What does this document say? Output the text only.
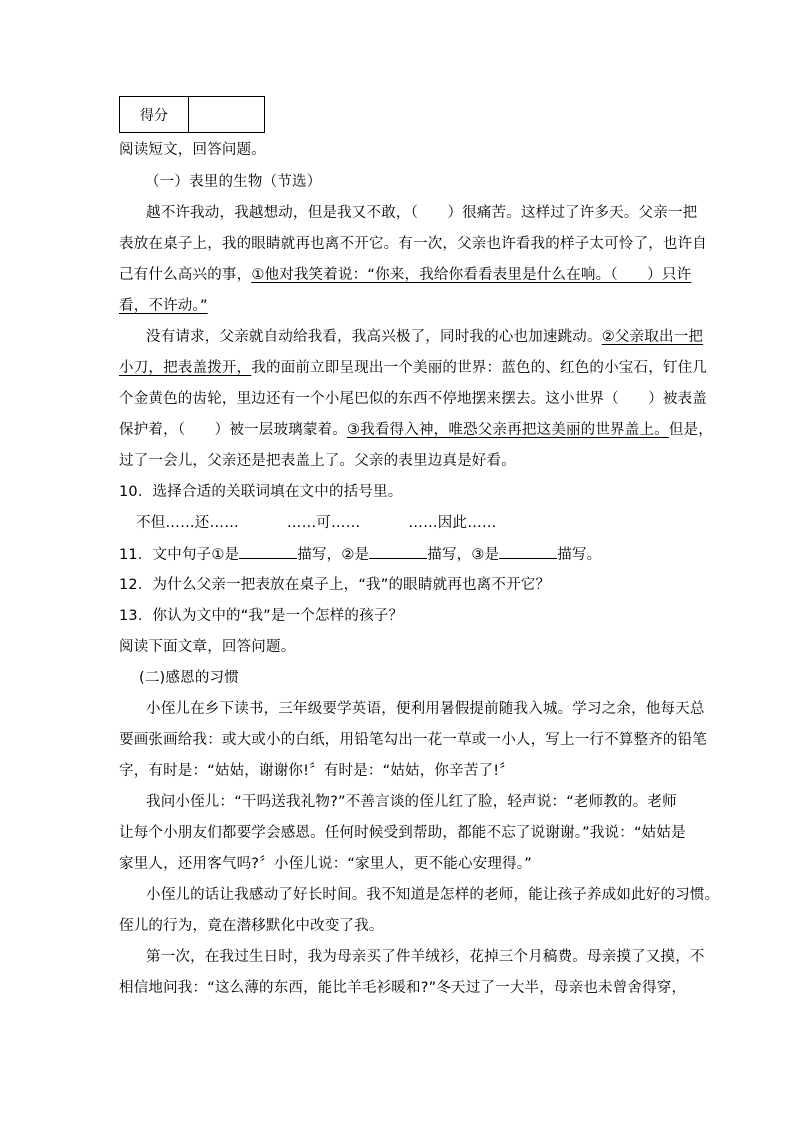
得分	
阅读短文，回答问题。
（一）表里的生物（节选）
越不许我动，我越想动，但是我又不敢，（　　）很痛苦。这样过了许多天。父亲一把
表放在桌子上，我的眼睛就再也离不开它。有一次，父亲也许看我的样子太可怜了，也许自
己有什么高兴的事，①他对我笑着说：“你来，我给你看看表里是什么在响。（　　）只许
看，不许动。”
没有请求，父亲就自动给我看，我高兴极了，同时我的心也加速跳动。②父亲取出一把
小刀，把表盖拨开，我的面前立即呈现出一个美丽的世界：蓝色的、红色的小宝石，钉住几
个金黄色的齿轮，里边还有一个小尾巴似的东西不停地摆来摆去。这小世界（　　）被表盖
保护着，（　　）被一层玻璃蒙着。③我看得入神，唯恐父亲再把这美丽的世界盖上。但是，
过了一会儿，父亲还是把表盖上了。父亲的表里边真是好看。
10．选择合适的关联词填在文中的括号里。
不但……还……	……可……	……因此……
11．文中句子①是	描写，②是	描写，③是	描写。
12．为什么父亲一把表放在桌子上，“我”的眼睛就再也离不开它？
13．你认为文中的“我”是一个怎样的孩子？
阅读下面文章，回答问题。
(二)感恩的习惯
小侄儿在乡下读书，三年级要学英语，便利用暑假提前随我入城。学习之余，他每天总
要画张画给我：或大或小的白纸，用铅笔勾出一花一草或一小人，写上一行不算整齐的铅笔
字，有时是：“姑姑，谢谢你!〞有时是：“姑姑，你辛苦了!〞
我问小侄儿：“干吗送我礼物?”不善言谈的侄儿红了脸，轻声说：“老师教的。老师
让每个小朋友们都要学会感恩。任何时候受到帮助，都能不忘了说谢谢。”我说：“姑姑是
家里人，还用客气吗?〞小侄儿说：“家里人，更不能心安理得。”
小侄儿的话让我感动了好长时间。我不知道是怎样的老师，能让孩子养成如此好的习惯。
侄儿的行为，竟在潜移默化中改变了我。
第一次，在我过生日时，我为母亲买了件羊绒衫，花掉三个月稿费。母亲摸了又摸，不
相信地问我：“这么薄的东西，能比羊毛衫暖和?”冬天过了一大半，母亲也未曾舍得穿，
